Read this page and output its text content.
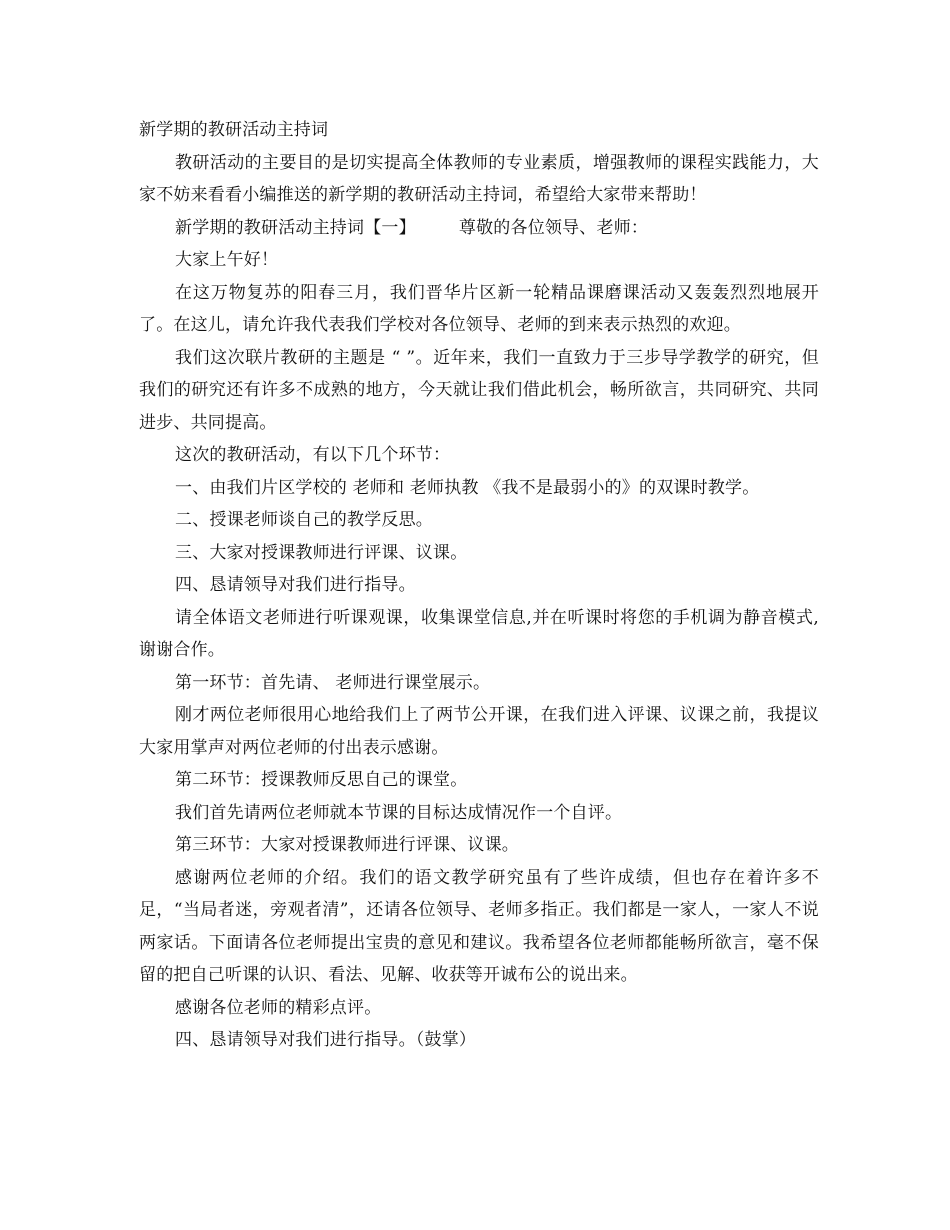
新学期的教研活动主持词

教研活动的主要目的是切实提高全体教师的专业素质，增强教师的课程实践能力，大家不妨来看看小编推送的新学期的教研活动主持词，希望给大家带来帮助！

新学期的教研活动主持词【一】　　　尊敬的各位领导、老师：

大家上午好！

在这万物复苏的阳春三月，我们晋华片区新一轮精品课磨课活动又轰轰烈烈地展开了。在这儿，请允许我代表我们学校对各位领导、老师的到来表示热烈的欢迎。

我们这次联片教研的主题是 “ ”。近年来，我们一直致力于三步导学教学的研究，但我们的研究还有许多不成熟的地方，今天就让我们借此机会，畅所欲言，共同研究、共同进步、共同提高。

这次的教研活动，有以下几个环节：

一、由我们片区学校的 老师和 老师执教 《我不是最弱小的》的双课时教学。

二、授课老师谈自己的教学反思。

三、大家对授课教师进行评课、议课。

四、恳请领导对我们进行指导。

请全体语文老师进行听课观课，收集课堂信息,并在听课时将您的手机调为静音模式,谢谢合作。

第一环节：首先请、 老师进行课堂展示。

刚才两位老师很用心地给我们上了两节公开课，在我们进入评课、议课之前，我提议大家用掌声对两位老师的付出表示感谢。

第二环节：授课教师反思自己的课堂。

我们首先请两位老师就本节课的目标达成情况作一个自评。

第三环节：大家对授课教师进行评课、议课。

感谢两位老师的介绍。我们的语文教学研究虽有了些许成绩，但也存在着许多不足，“当局者迷，旁观者清”，还请各位领导、老师多指正。我们都是一家人，一家人不说两家话。下面请各位老师提出宝贵的意见和建议。我希望各位老师都能畅所欲言，毫不保留的把自己听课的认识、看法、见解、收获等开诚布公的说出来。

感谢各位老师的精彩点评。

四、恳请领导对我们进行指导。（鼓掌）
